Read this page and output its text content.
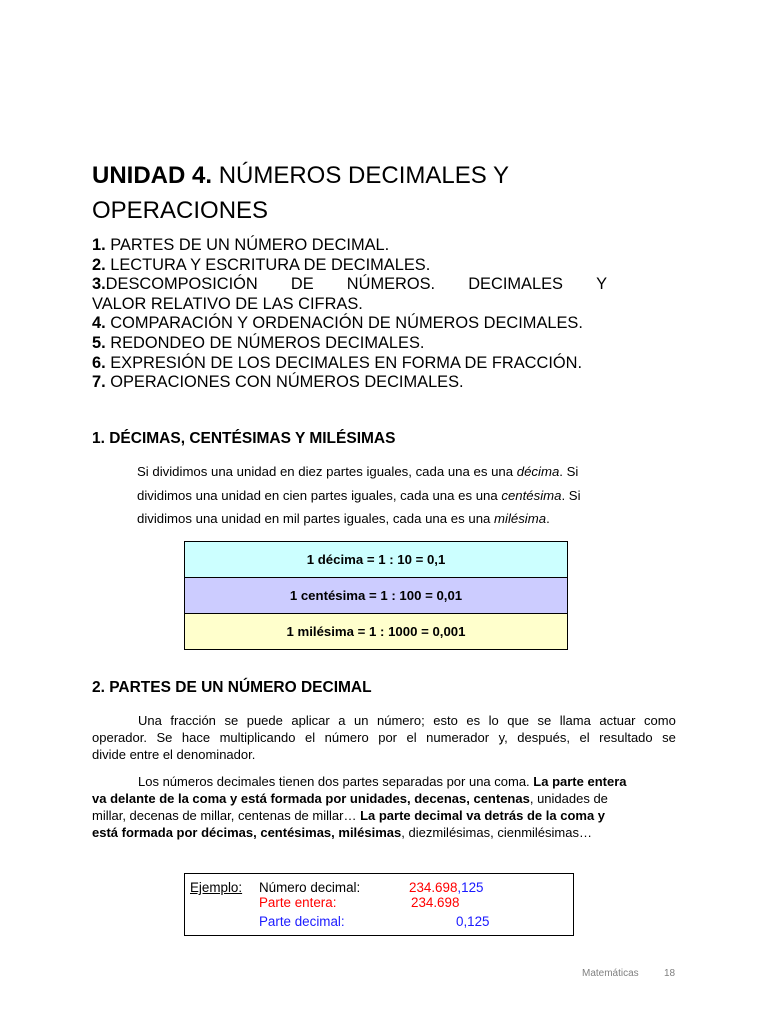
UNIDAD 4. NÚMEROS DECIMALES Y
OPERACIONES
1. PARTES DE UN NÚMERO DECIMAL.
2. LECTURA Y ESCRITURA DE DECIMALES.
3.DESCOMPOSICIÓN DE NÚMEROS. DECIMALES Y
VALOR RELATIVO DE LAS CIFRAS.
4. COMPARACIÓN Y ORDENACIÓN DE NÚMEROS DECIMALES.
5. REDONDEO DE NÚMEROS DECIMALES.
6. EXPRESIÓN DE LOS DECIMALES EN FORMA DE FRACCIÓN.
7. OPERACIONES CON NÚMEROS DECIMALES.
1. DÉCIMAS, CENTÉSIMAS Y MILÉSIMAS
Si dividimos una unidad en diez partes iguales, cada una es una décima. Si
dividimos una unidad en cien partes iguales, cada una es una centésima. Si
dividimos una unidad en mil partes iguales, cada una es una milésima.
1 décima = 1 : 10 = 0,1
1 centésima = 1 : 100 = 0,01
1 milésima = 1 : 1000 = 0,001
2. PARTES DE UN NÚMERO DECIMAL
Una fracción se puede aplicar a un número; esto es lo que se llama actuar como
operador. Se hace multiplicando el número por el numerador y, después, el resultado se
divide entre el denominador.
Los números decimales tienen dos partes separadas por una coma. La parte entera
va delante de la coma y está formada por unidades, decenas, centenas, unidades de
millar, decenas de millar, centenas de millar… La parte decimal va detrás de la coma y
está formada por décimas, centésimas, milésimas, diezmilésimas, cienmilésimas…
Ejemplo: Número decimal:	234.698,125
Parte entera:	234.698
Parte decimal:	0,125
Matemáticas	18
